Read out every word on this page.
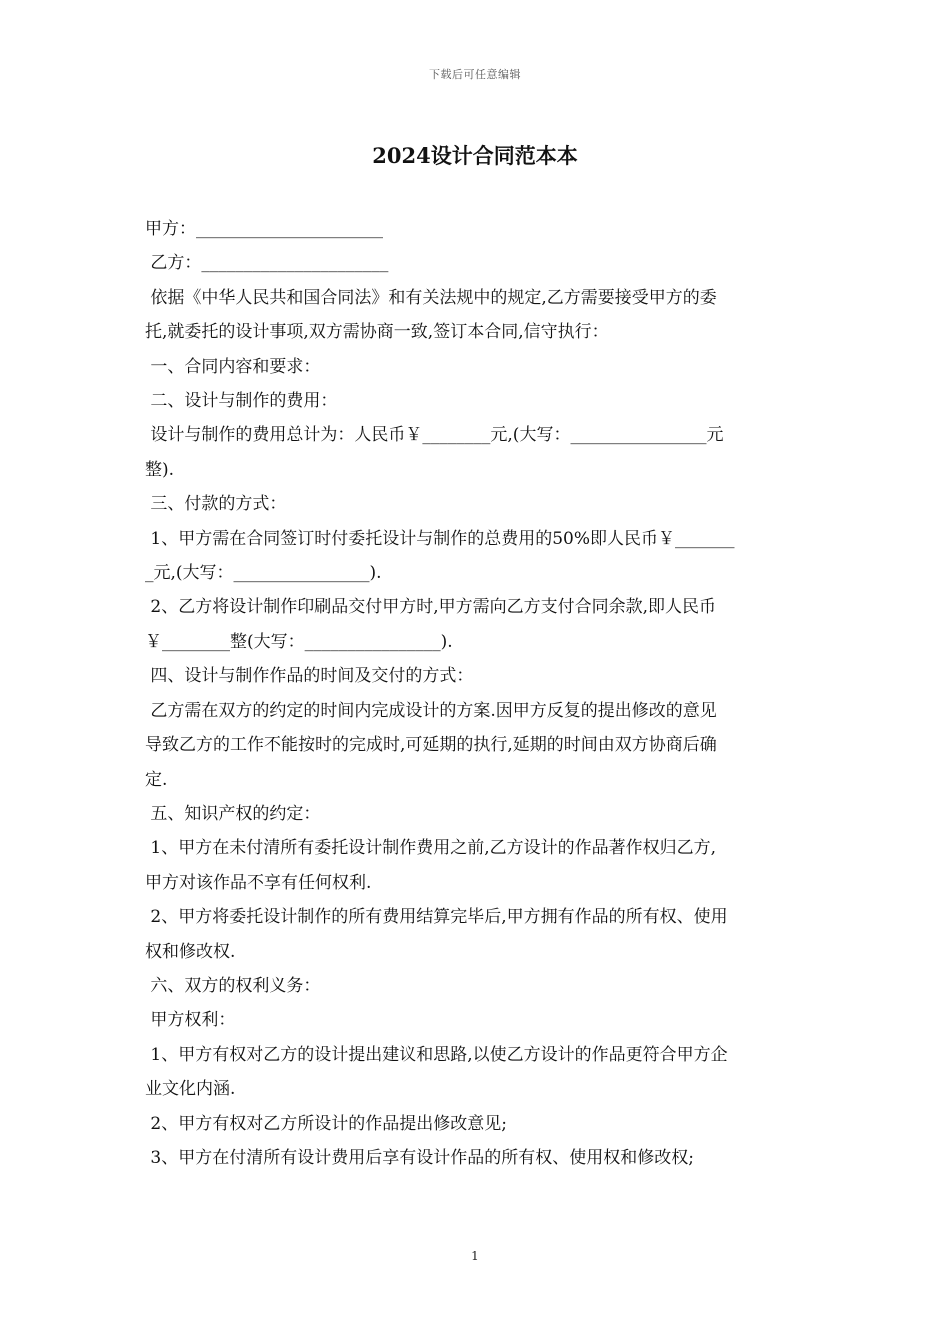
下载后可任意编辑
2024设计合同范本本

甲方：______________________

乙方：______________________

依据《中华人民共和国合同法》和有关法规中的规定,乙方需要接受甲方的委

托,就委托的设计事项,双方需协商一致,签订本合同,信守执行：

一、合同内容和要求：

二、设计与制作的费用：

设计与制作的费用总计为：人民币￥________元,(大写：________________元

整).

三、付款的方式：

1、甲方需在合同签订时付委托设计与制作的总费用的50%即人民币￥_______

_元,(大写：________________).

2、乙方将设计制作印刷品交付甲方时,甲方需向乙方支付合同余款,即人民币

￥________整(大写：________________).

四、设计与制作作品的时间及交付的方式：

乙方需在双方的约定的时间内完成设计的方案.因甲方反复的提出修改的意见

导致乙方的工作不能按时的完成时,可延期的执行,延期的时间由双方协商后确

定.

五、知识产权的约定：

1、甲方在未付清所有委托设计制作费用之前,乙方设计的作品著作权归乙方,

甲方对该作品不享有任何权利.

2、甲方将委托设计制作的所有费用结算完毕后,甲方拥有作品的所有权、使用

权和修改权.

六、双方的权利义务：

甲方权利：

1、甲方有权对乙方的设计提出建议和思路,以使乙方设计的作品更符合甲方企

业文化内涵.

2、甲方有权对乙方所设计的作品提出修改意见;

3、甲方在付清所有设计费用后享有设计作品的所有权、使用权和修改权;

1
